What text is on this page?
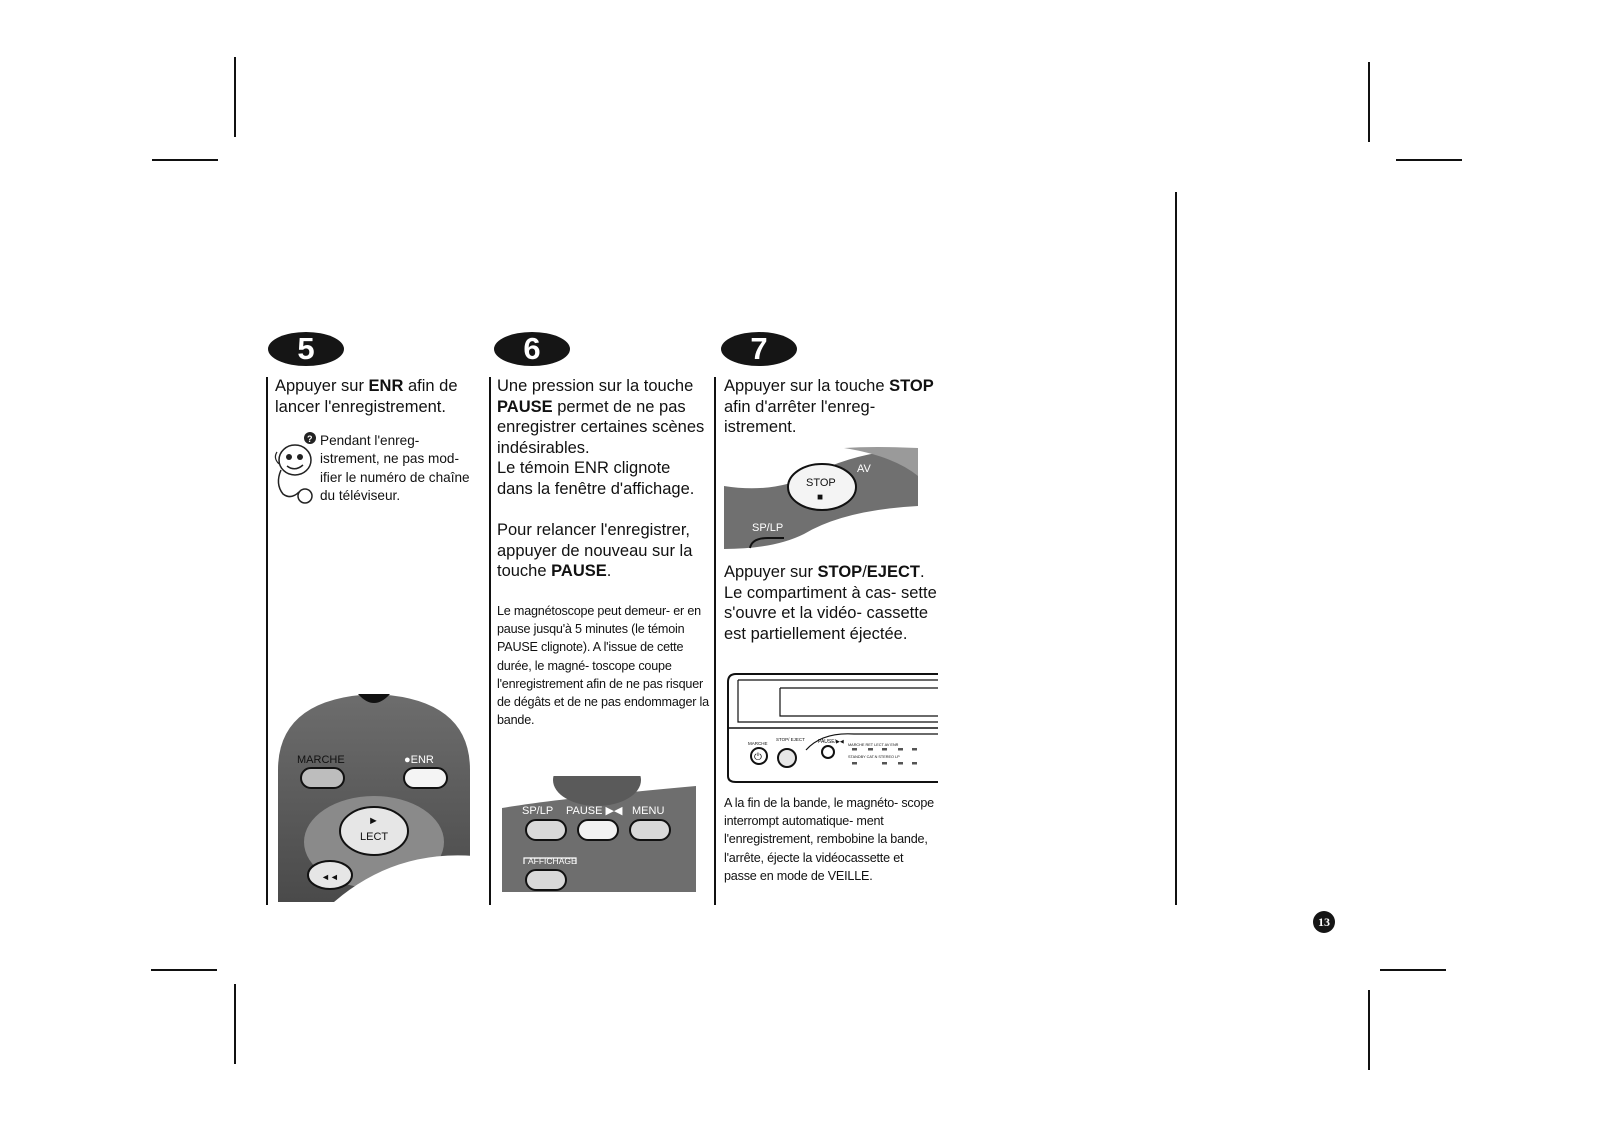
5
Appuyer sur ENR afin de lancer l'enregistrement.
? Pendant l'enreg- istrement, ne pas mod- ifier le numéro de chaîne du téléviseur.
MARCHE	●ENR
►
LECT
◄◄
6
Une pression sur la touche PAUSE permet de ne pas enregistrer certaines scènes indésirables.
Le témoin ENR clignote dans la fenêtre d'affichage.
Pour relancer l'enregistrer, appuyer de nouveau sur la touche PAUSE.
Le magnétoscope peut demeur- er en pause jusqu'à 5 minutes (le témoin PAUSE clignote). A l'issue de cette durée, le magné- toscope coupe l'enregistrement afin de ne pas risquer de dégâts et de ne pas endommager la bande.
SP/LP PAUSE ▶◀ MENU
AFFICHAGE
7
Appuyer sur la touche STOP afin d'arrêter l'enreg- istrement.
STOP
■
AV
SP/LP
Appuyer sur STOP/EJECT. Le compartiment à cas- sette s'ouvre et la vidéo- cassette est partiellement éjectée.
MARCHE
STOP/ EJECT
⏻
PAUSE/▶◀ MARCHE RET LECT AV ENR
STANDBY CAT.N STEREO LP
A la fin de la bande, le magnéto- scope interrompt automatique- ment l'enregistrement, rembobine la bande, l'arrête, éjecte la vidéocassette et passe en mode de VEILLE.
13
